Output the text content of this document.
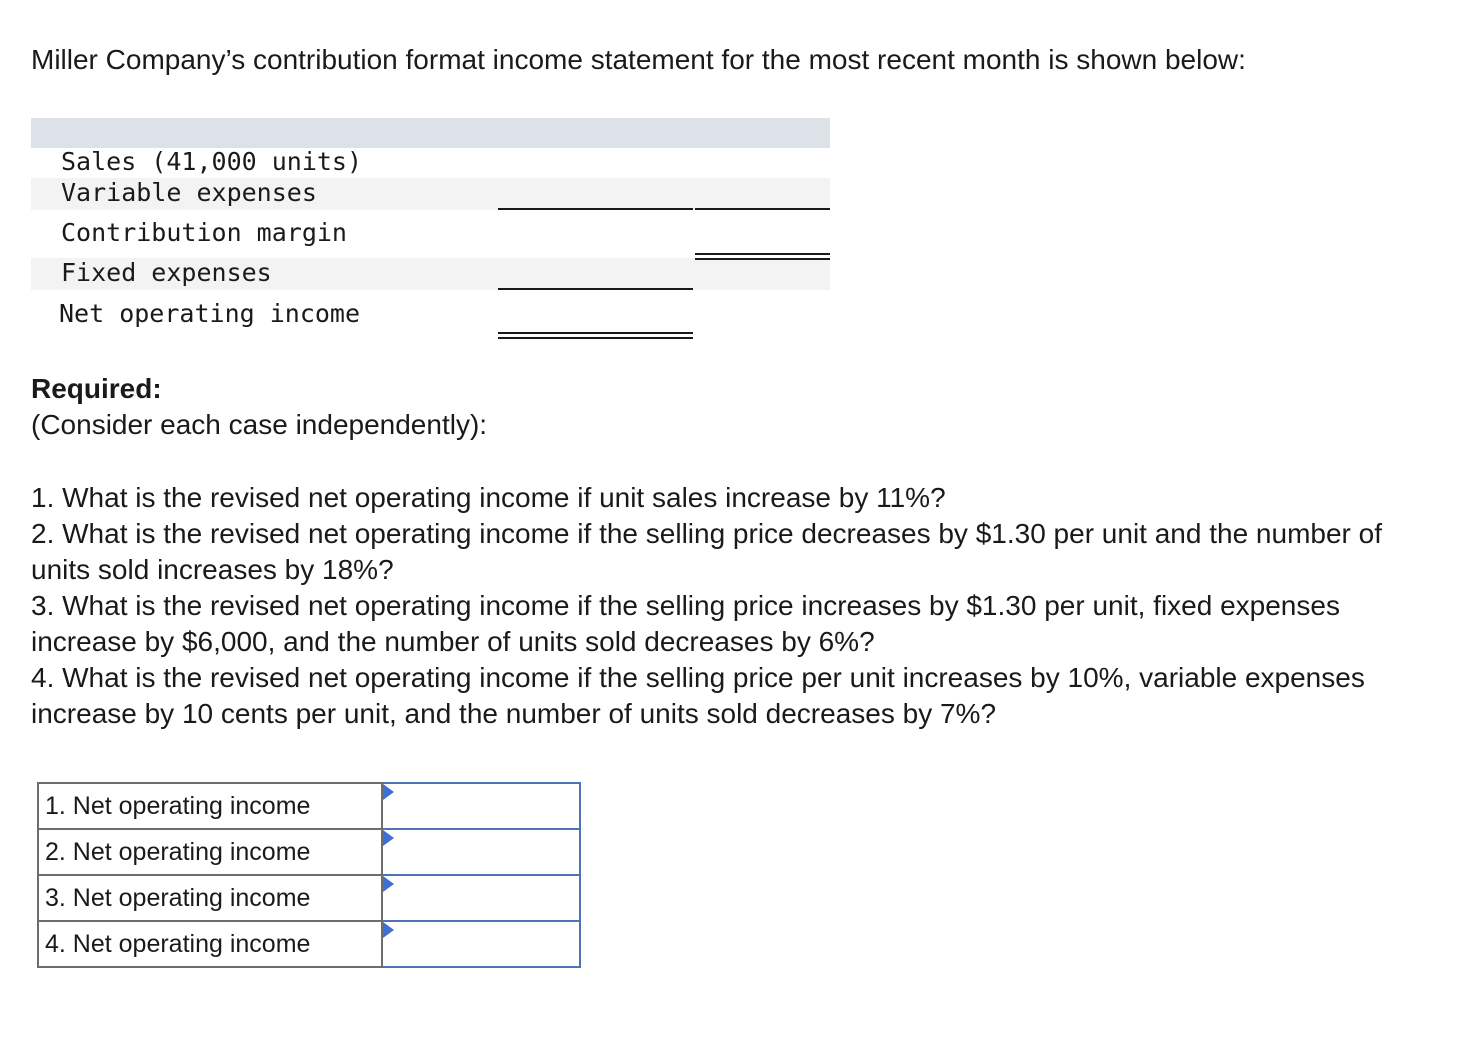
Miller Company’s contribution format income statement for the most recent month is shown below:
Sales (41,000 units)
Variable expenses
Contribution margin
Fixed expenses
Net operating income
Required:
(Consider each case independently):

1. What is the revised net operating income if unit sales increase by 11%?

2. What is the revised net operating income if the selling price decreases by $1.30 per unit and the number of units sold increases by 18%?

3. What is the revised net operating income if the selling price increases by $1.30 per unit, fixed expenses increase by $6,000, and the number of units sold decreases by 6%?

4. What is the revised net operating income if the selling price per unit increases by 10%, variable expenses increase by 10 cents per unit, and the number of units sold decreases by 7%?

1. Net operating income	

2. Net operating income	

3. Net operating income	

4. Net operating income	
